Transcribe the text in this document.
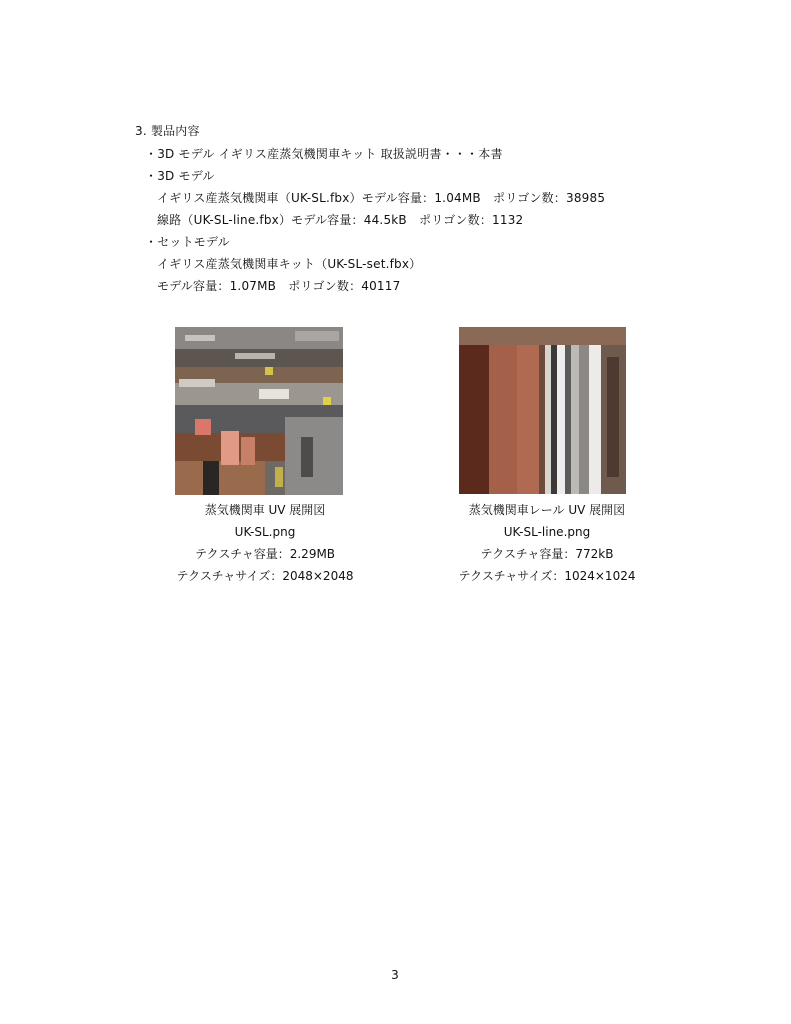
3. 製品内容
・3D モデル イギリス産蒸気機関車キット 取扱説明書・・・本書
・3D モデル
イギリス産蒸気機関車（UK-SL.fbx）モデル容量：1.04MB　ポリゴン数：38985
線路（UK-SL-line.fbx）モデル容量：44.5kB　ポリゴン数：1132
・セットモデル
イギリス産蒸気機関車キット（UK-SL-set.fbx）
モデル容量：1.07MB　ポリゴン数：40117
蒸気機関車 UV 展開図
UK-SL.png
テクスチャ容量：2.29MB
テクスチャサイズ：2048×2048
蒸気機関車レール UV 展開図
UK-SL-line.png
テクスチャ容量：772kB
テクスチャサイズ：1024×1024
3
